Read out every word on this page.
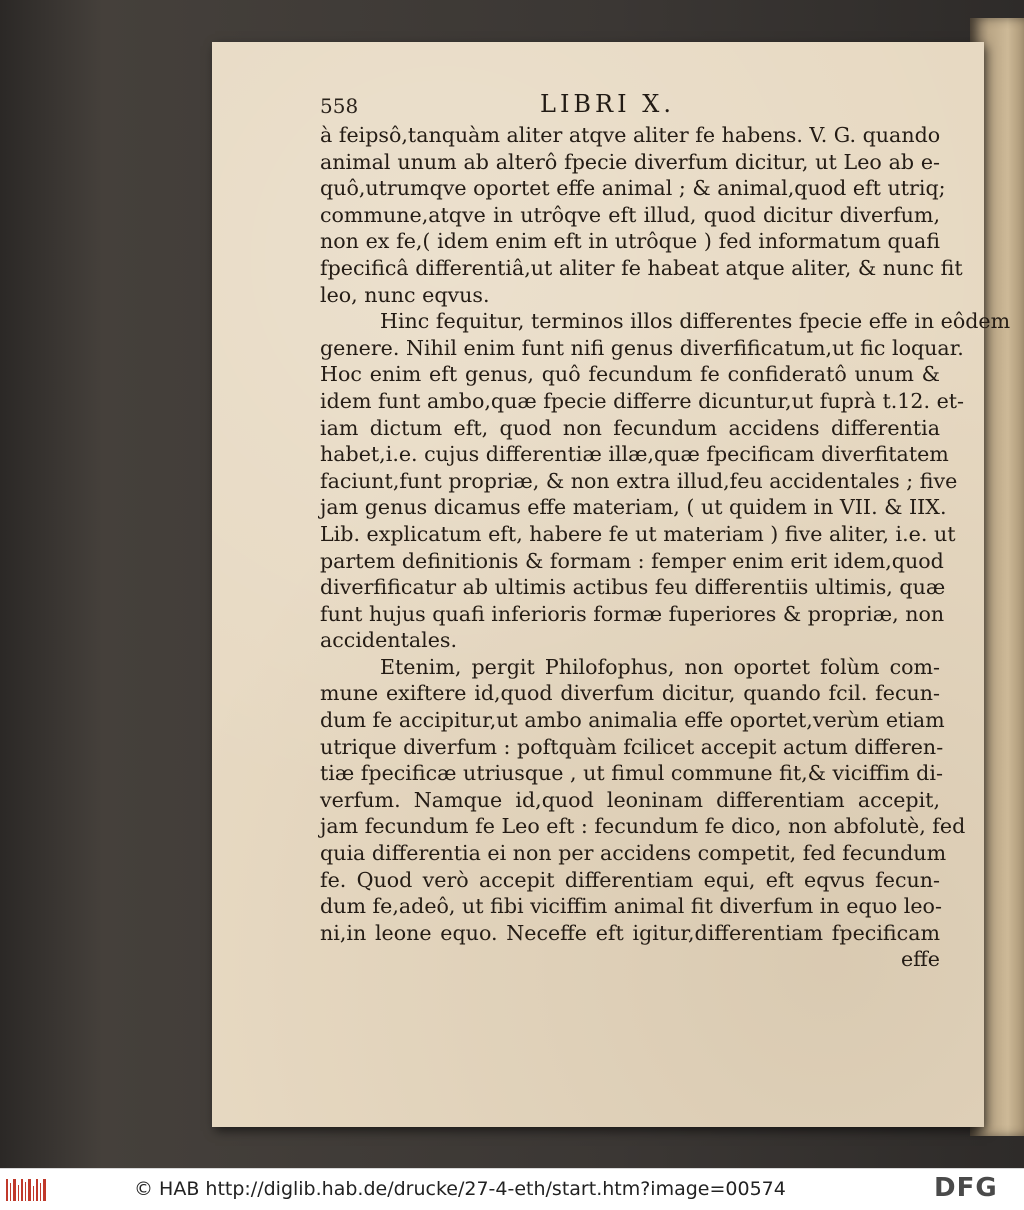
558	LIBRI X.
à feipsô,tanquàm aliter atqve aliter fe habens. V. G. quando
animal unum ab alterô fpecie diverfum dicitur, ut Leo ab e-
quô,utrumqve oportet effe animal ; & animal,quod eft utriq;
commune,atqve in utrôqve eft illud, quod dicitur diverfum,
non ex fe,( idem enim eft in utrôque ) fed informatum quafi
fpecificâ differentiâ,ut aliter fe habeat atque aliter, & nunc fit
leo, nunc eqvus.
Hinc fequitur, terminos illos differentes fpecie effe in eôdem
genere. Nihil enim funt nifi genus diverfificatum,ut fic loquar.
Hoc enim eft genus, quô fecundum fe confideratô unum &
idem funt ambo,quæ fpecie differre dicuntur,ut fuprà t.12. et-
iam dictum eft, quod non fecundum accidens differentia
habet,i.e. cujus differentiæ illæ,quæ fpecificam diverfitatem
faciunt,funt propriæ, & non extra illud,feu accidentales ; five
jam genus dicamus effe materiam, ( ut quidem in VII. & IIX.
Lib. explicatum eft, habere fe ut materiam ) five aliter, i.e. ut
partem definitionis & formam : femper enim erit idem,quod
diverfificatur ab ultimis actibus feu differentiis ultimis, quæ
funt hujus quafi inferioris formæ fuperiores & propriæ, non
accidentales.
Etenim, pergit Philofophus, non oportet folùm com-
mune exiftere id,quod diverfum dicitur, quando fcil. fecun-
dum fe accipitur,ut ambo animalia effe oportet,verùm etiam
utrique diverfum : poftquàm fcilicet accepit actum differen-
tiæ fpecificæ utriusque , ut fimul commune fit,& viciffim di-
verfum. Namque id,quod leoninam differentiam accepit,
jam fecundum fe Leo eft : fecundum fe dico, non abfolutè, fed
quia differentia ei non per accidens competit, fed fecundum
fe. Quod verò accepit differentiam equi, eft eqvus fecun-
dum fe,adeô, ut fibi viciffim animal fit diverfum in equo leo-
ni,in leone equo. Neceffe eft igitur,differentiam fpecificam
effe
© HAB http://diglib.hab.de/drucke/27-4-eth/start.htm?image=00574	DFG
